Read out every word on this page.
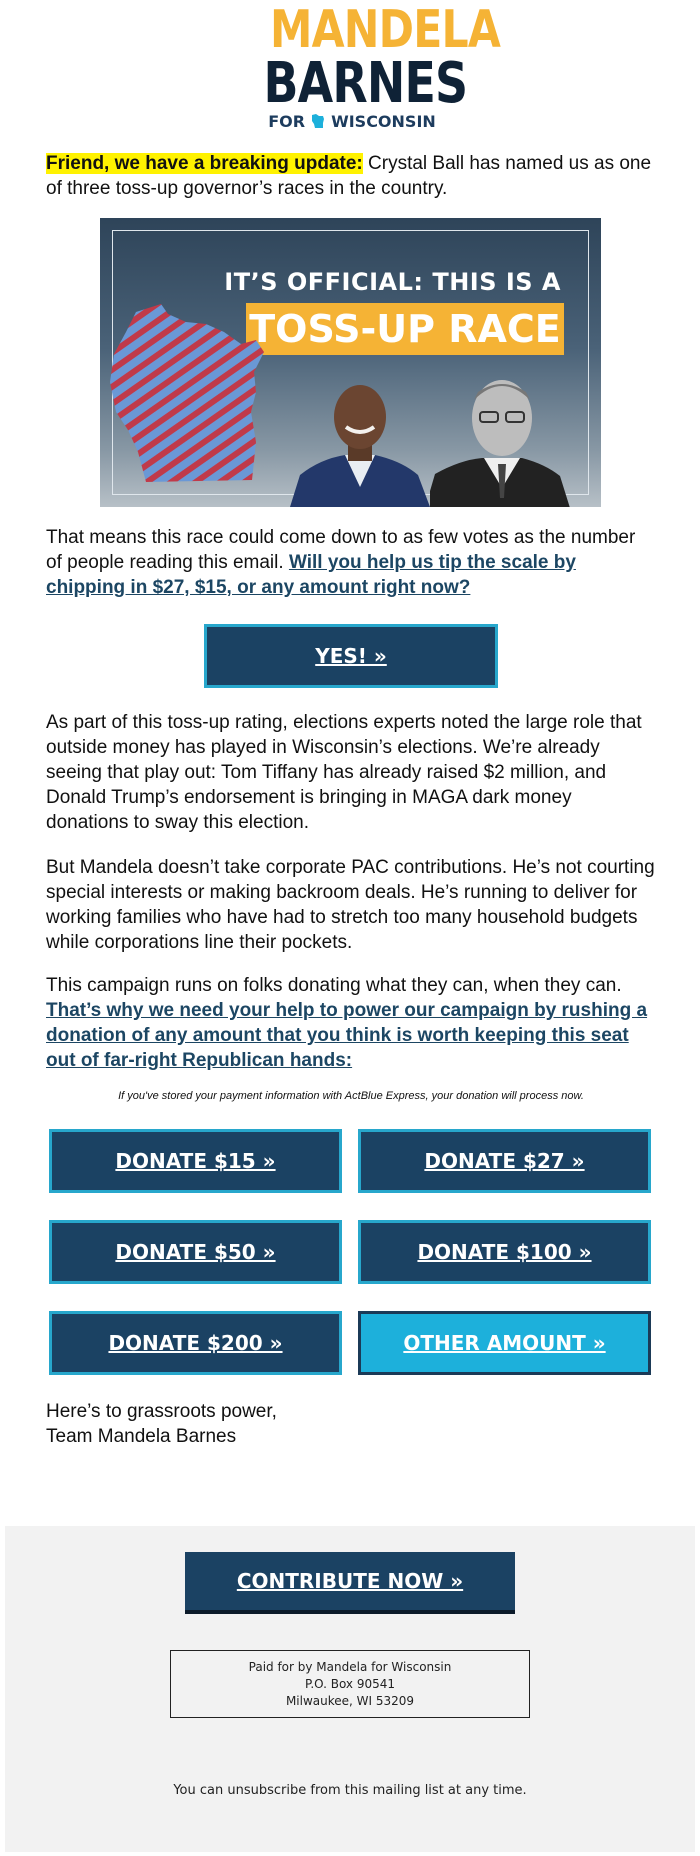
MANDELA
BARNES
FOR WISCONSIN
Friend, we have a breaking update: Crystal Ball has named us as one of three toss-up governor’s races in the country.
IT’S OFFICIAL: THIS IS A
TOSS-UP RACE
That means this race could come down to as few votes as the number of people reading this email. Will you help us tip the scale by chipping in $27, $15, or any amount right now?
YES! »
As part of this toss-up rating, elections experts noted the large role that outside money has played in Wisconsin’s elections. We’re already seeing that play out: Tom Tiffany has already raised $2 million, and Donald Trump’s endorsement is bringing in MAGA dark money donations to sway this election.
But Mandela doesn’t take corporate PAC contributions. He’s not courting special interests or making backroom deals. He’s running to deliver for working families who have had to stretch too many household budgets while corporations line their pockets.
This campaign runs on folks donating what they can, when they can. That’s why we need your help to power our campaign by rushing a donation of any amount that you think is worth keeping this seat out of far-right Republican hands:
If you've stored your payment information with ActBlue Express, your donation will process now.
DONATE $15 »	DONATE $27 »
DONATE $50 »	DONATE $100 »
DONATE $200 »	OTHER AMOUNT »
Here’s to grassroots power,
Team Mandela Barnes
CONTRIBUTE NOW »
Paid for by Mandela for Wisconsin
P.O. Box 90541
Milwaukee, WI 53209
You can unsubscribe from this mailing list at any time.
